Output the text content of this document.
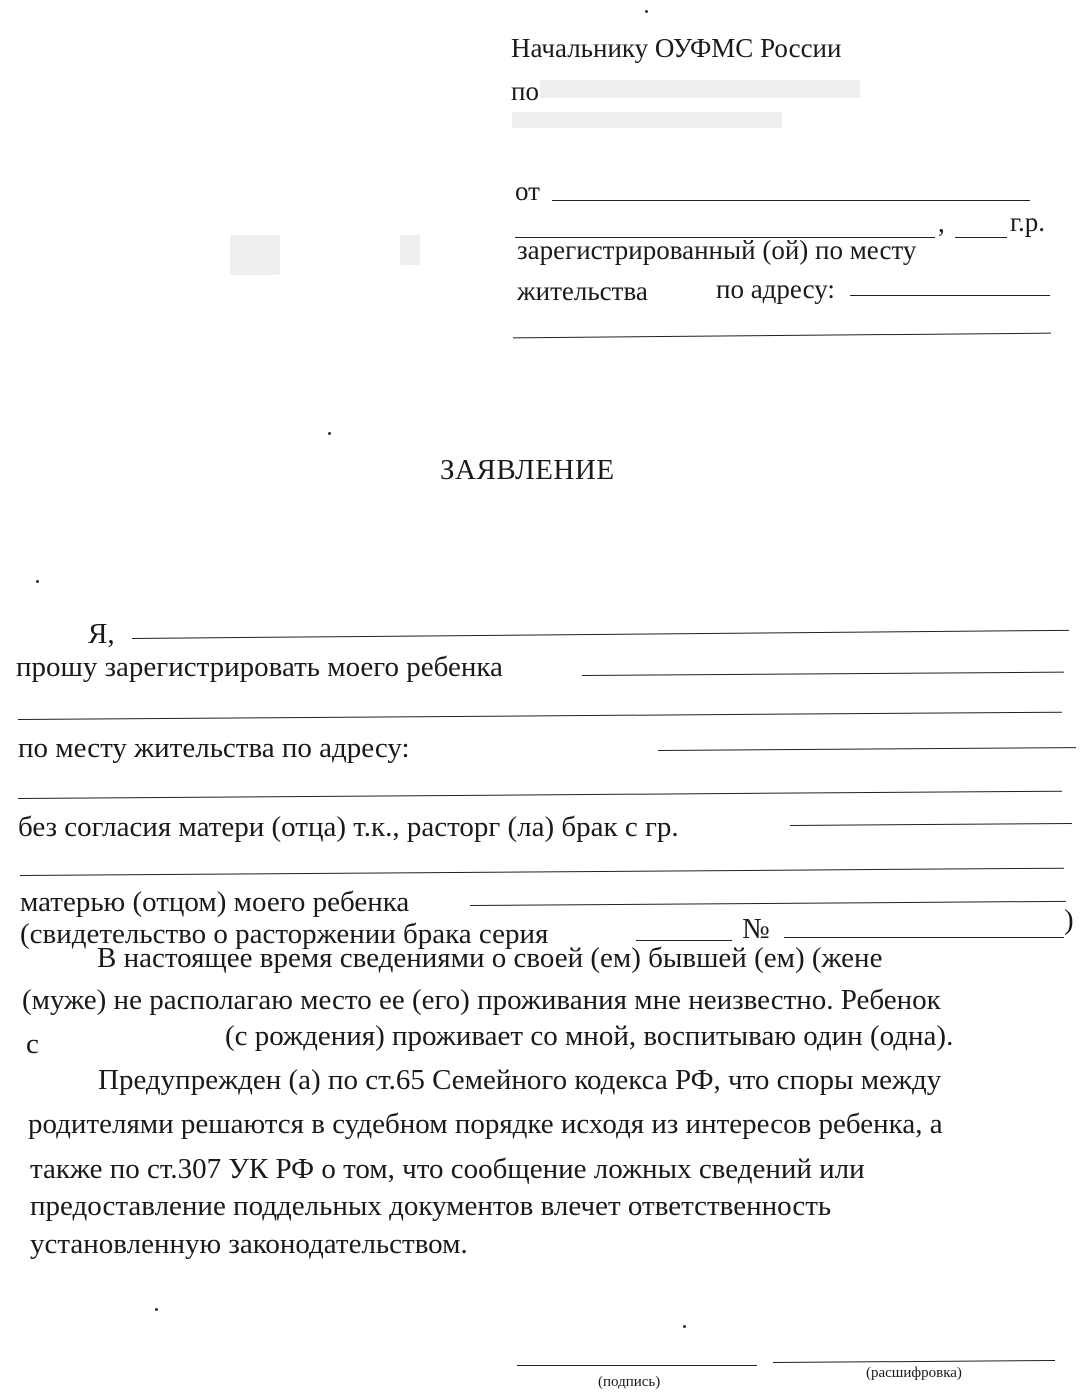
Начальнику ОУФМС России
по
от
, г.р.
зарегистрированный (ой) по месту
жительства	по адресу:
ЗАЯВЛЕНИЕ
Я,
прошу зарегистрировать моего ребенка
по месту жительства по адресу:
без согласия матери (отца) т.к., расторг (ла) брак с гр.
матерью (отцом) моего ребенка
(свидетельство о расторжении брака серия	№	)
В настоящее время сведениями о своей (ем) бывшей (ем) (жене
(муже) не располагаю место ее (его) проживания мне неизвестно. Ребенок
с	(с рождения) проживает со мной, воспитываю один (одна).
Предупрежден (а) по ст.65 Семейного кодекса РФ, что споры между
родителями решаются в судебном порядке исходя из интересов ребенка, а
также по ст.307 УК РФ о том, что сообщение ложных сведений или
предоставление поддельных документов влечет ответственность
установленную законодательством.
(подпись)
(расшифровка)
